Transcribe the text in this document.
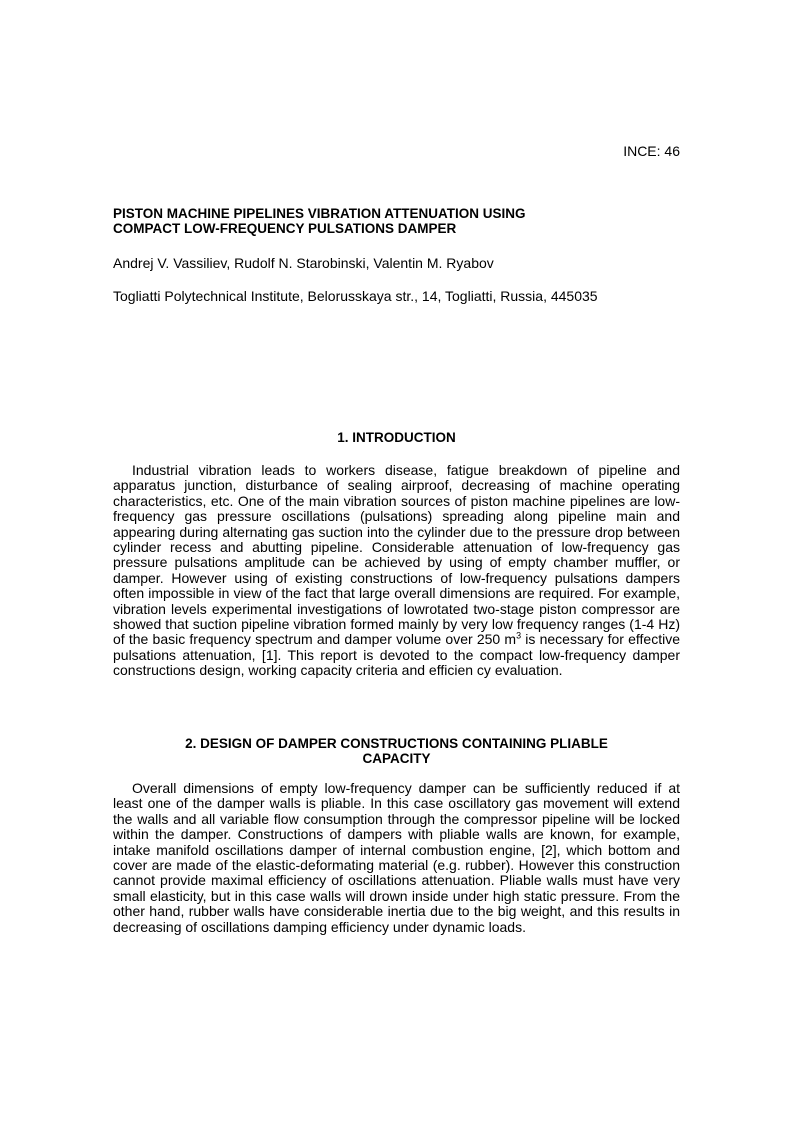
INCE: 46
PISTON MACHINE PIPELINES VIBRATION ATTENUATION USING
COMPACT LOW-FREQUENCY PULSATIONS DAMPER
Andrej V. Vassiliev, Rudolf N. Starobinski, Valentin M. Ryabov
Togliatti Polytechnical Institute, Belorusskaya str., 14, Togliatti, Russia, 445035
1. INTRODUCTION

Industrial vibration leads to workers disease, fatigue breakdown of pipeline and apparatus junction, disturbance of sealing airproof, decreasing of machine operating characteristics, etc. One of the main vibration sources of piston machine pipelines are low-frequency gas pressure oscillations (pulsations) spreading along pipeline main and appearing during alternating gas suction into the cylinder due to the pressure drop between cylinder recess and abutting pipeline. Considerable attenuation of low-frequency gas pressure pulsations amplitude can be achieved by using of empty chamber muffler, or damper. However using of existing constructions of low-frequency pulsations dampers often impossible in view of the fact that large overall dimensions are required. For example, vibration levels experimental investigations of lowrotated two-stage piston compressor are showed that suction pipeline vibration formed mainly by very low frequency ranges (1-4 Hz) of the basic frequency spectrum and damper volume over 250 $m^3$ is necessary for effective pulsations attenuation, [1]. This report is devoted to the compact low-frequency damper constructions design, working capacity criteria and efficien cy evaluation.

2. DESIGN OF DAMPER CONSTRUCTIONS CONTAINING PLIABLE
CAPACITY

Overall dimensions of empty low-frequency damper can be sufficiently reduced if at least one of the damper walls is pliable. In this case oscillatory gas movement will extend the walls and all variable flow consumption through the compressor pipeline will be locked within the damper. Constructions of dampers with pliable walls are known, for example, intake manifold oscillations damper of internal combustion engine, [2], which bottom and cover are made of the elastic-deformating material (e.g. rubber). However this construction cannot provide maximal efficiency of oscillations attenuation. Pliable walls must have very small elasticity, but in this case walls will drown inside under high static pressure. From the other hand, rubber walls have considerable inertia due to the big weight, and this results in decreasing of oscillations damping efficiency under dynamic loads.
